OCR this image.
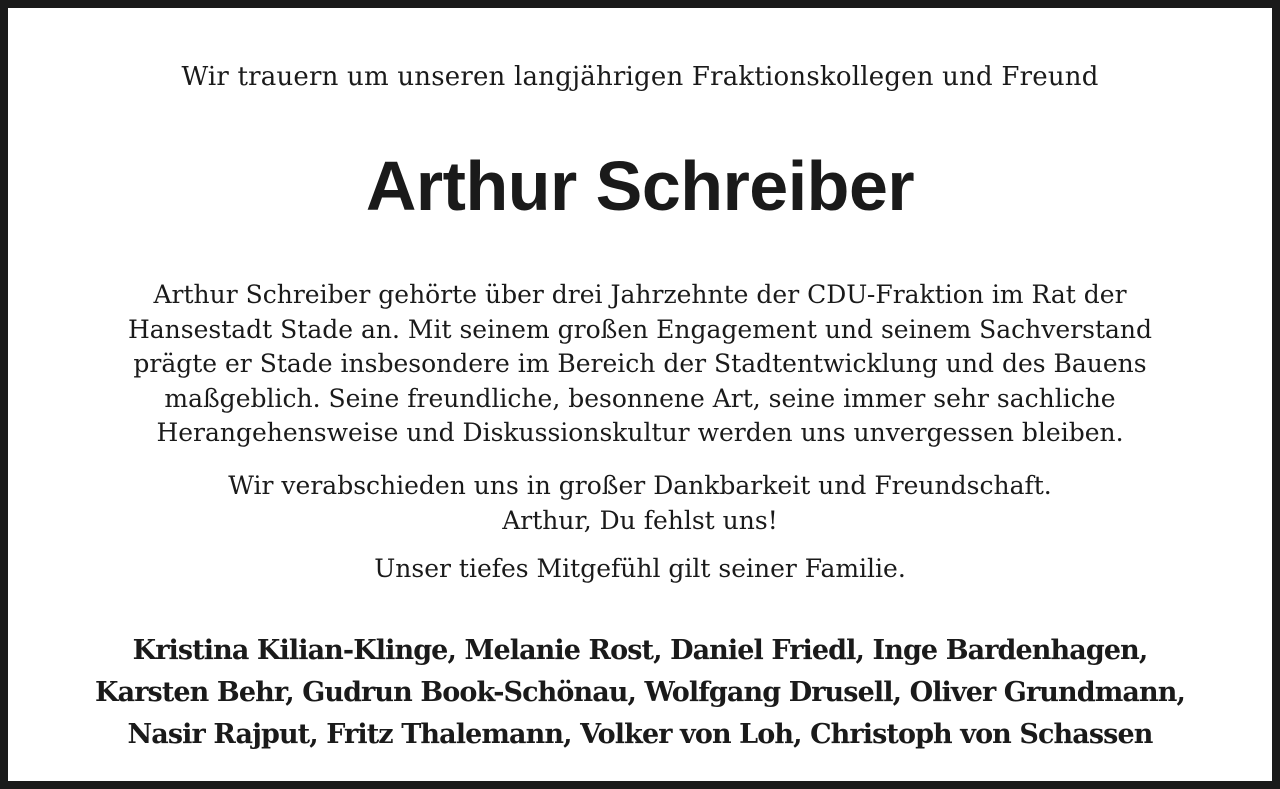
Wir trauern um unseren langjährigen Fraktionskollegen und Freund
Arthur Schreiber
Arthur Schreiber gehörte über drei Jahrzehnte der CDU-Fraktion im Rat der
Hansestadt Stade an. Mit seinem großen Engagement und seinem Sachverstand
prägte er Stade insbesondere im Bereich der Stadtentwicklung und des Bauens
maßgeblich. Seine freundliche, besonnene Art, seine immer sehr sachliche
Herangehensweise und Diskussionskultur werden uns unvergessen bleiben.
Wir verabschieden uns in großer Dankbarkeit und Freundschaft.
Arthur, Du fehlst uns!
Unser tiefes Mitgefühl gilt seiner Familie.
Kristina Kilian-Klinge, Melanie Rost, Daniel Friedl, Inge Bardenhagen,
Karsten Behr, Gudrun Book-Schönau, Wolfgang Drusell, Oliver Grundmann,
Nasir Rajput, Fritz Thalemann, Volker von Loh, Christoph von Schassen
